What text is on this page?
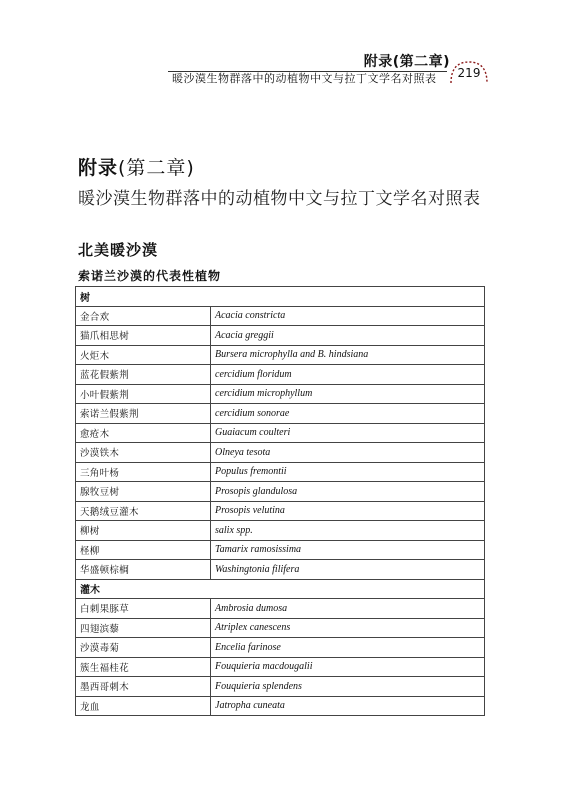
附录(第二章)
暖沙漠生物群落中的动植物中文与拉丁文学名对照表	219
附录(第二章)
暖沙漠生物群落中的动植物中文与拉丁文学名对照表
北美暖沙漠
索诺兰沙漠的代表性植物
树	
金合欢	Acacia constricta
猫爪相思树	Acacia greggii
火炬木	Bursera microphylla and B. hindsiana
蓝花假紫荆	cercidium floridum
小叶假紫荆	cercidium microphyllum
索诺兰假紫荆	cercidium sonorae
愈疮木	Guaiacum coulteri
沙漠铁木	Olneya tesota
三角叶杨	Populus fremontii
腺牧豆树	Prosopis glandulosa
天鹅绒豆灌木	Prosopis velutina
柳树	salix spp.
柽柳	Tamarix ramosissima
华盛顿棕榈	Washingtonia filifera
灌木	
白刺果豚草	Ambrosia dumosa
四翅滨藜	Atriplex canescens
沙漠毒菊	Encelia farinose
簇生福桂花	Fouquieria macdougalii
墨西哥刺木	Fouquieria splendens
龙血	Jatropha cuneata
